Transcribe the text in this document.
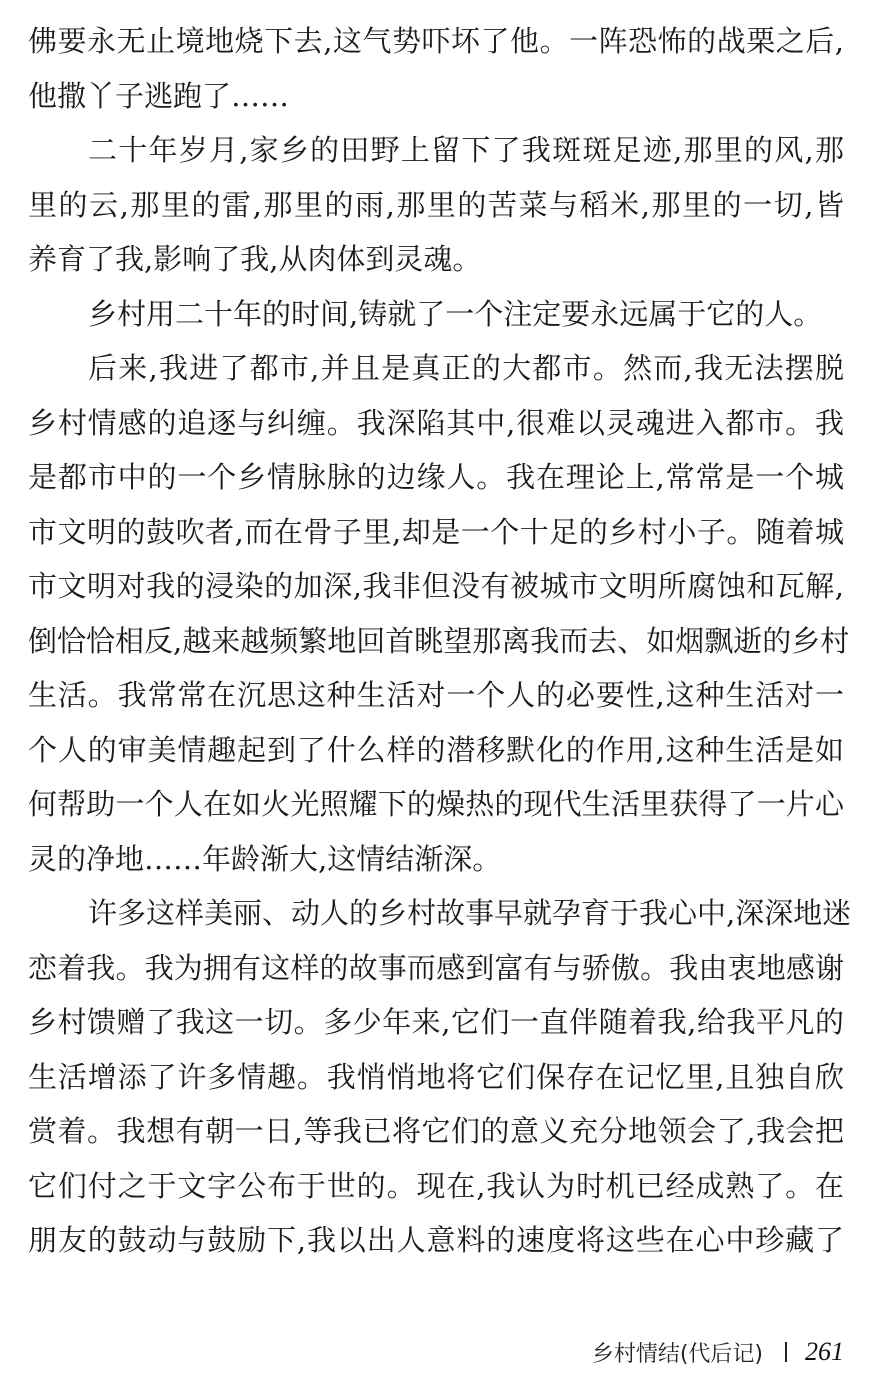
佛要永无止境地烧下去,这气势吓坏了他。一阵恐怖的战栗之后,
他撒丫子逃跑了……
二十年岁月,家乡的田野上留下了我斑斑足迹,那里的风,那
里的云,那里的雷,那里的雨,那里的苦菜与稻米,那里的一切,皆
养育了我,影响了我,从肉体到灵魂。
乡村用二十年的时间,铸就了一个注定要永远属于它的人。
后来,我进了都市,并且是真正的大都市。然而,我无法摆脱
乡村情感的追逐与纠缠。我深陷其中,很难以灵魂进入都市。我
是都市中的一个乡情脉脉的边缘人。我在理论上,常常是一个城
市文明的鼓吹者,而在骨子里,却是一个十足的乡村小子。随着城
市文明对我的浸染的加深,我非但没有被城市文明所腐蚀和瓦解,
倒恰恰相反,越来越频繁地回首眺望那离我而去、如烟飘逝的乡村
生活。我常常在沉思这种生活对一个人的必要性,这种生活对一
个人的审美情趣起到了什么样的潜移默化的作用,这种生活是如
何帮助一个人在如火光照耀下的燥热的现代生活里获得了一片心
灵的净地……年龄渐大,这情结渐深。
许多这样美丽、动人的乡村故事早就孕育于我心中,深深地迷
恋着我。我为拥有这样的故事而感到富有与骄傲。我由衷地感谢
乡村馈赠了我这一切。多少年来,它们一直伴随着我,给我平凡的
生活增添了许多情趣。我悄悄地将它们保存在记忆里,且独自欣
赏着。我想有朝一日,等我已将它们的意义充分地领会了,我会把
它们付之于文字公布于世的。现在,我认为时机已经成熟了。在
朋友的鼓动与鼓励下,我以出人意料的速度将这些在心中珍藏了
乡村情结(代后记) 261
